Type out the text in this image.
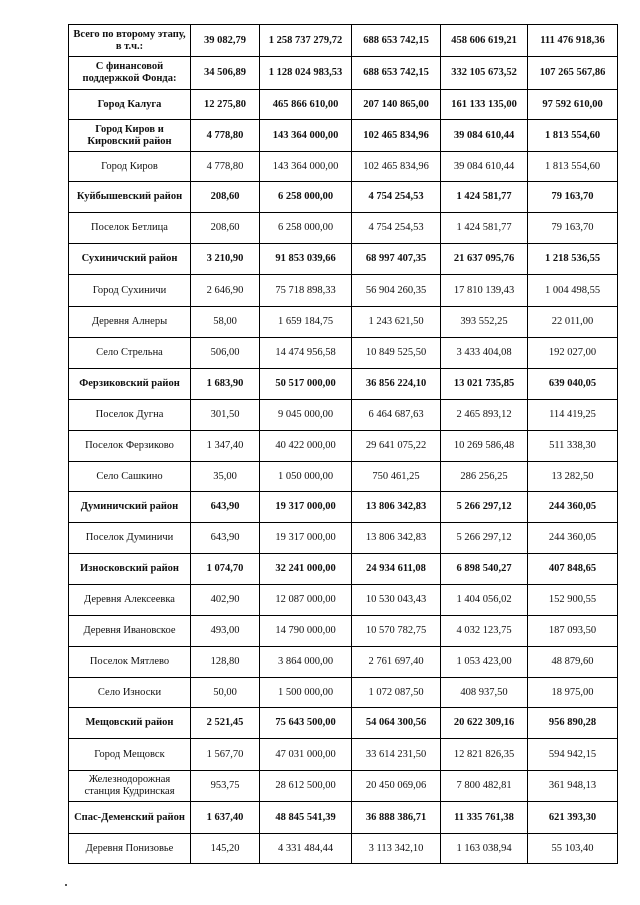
Всего по второму этапу, в т.ч.:	39 082,79	1 258 737 279,72	688 653 742,15	458 606 619,21	111 476 918,36
С финансовой поддержкой Фонда:	34 506,89	1 128 024 983,53	688 653 742,15	332 105 673,52	107 265 567,86
Город Калуга	12 275,80	465 866 610,00	207 140 865,00	161 133 135,00	97 592 610,00
Город Киров и Кировский район	4 778,80	143 364 000,00	102 465 834,96	39 084 610,44	1 813 554,60
Город Киров	4 778,80	143 364 000,00	102 465 834,96	39 084 610,44	1 813 554,60
Куйбышевский район	208,60	6 258 000,00	4 754 254,53	1 424 581,77	79 163,70
Поселок Бетлица	208,60	6 258 000,00	4 754 254,53	1 424 581,77	79 163,70
Сухиничский район	3 210,90	91 853 039,66	68 997 407,35	21 637 095,76	1 218 536,55
Город Сухиничи	2 646,90	75 718 898,33	56 904 260,35	17 810 139,43	1 004 498,55
Деревня Алнеры	58,00	1 659 184,75	1 243 621,50	393 552,25	22 011,00
Село Стрельна	506,00	14 474 956,58	10 849 525,50	3 433 404,08	192 027,00
Ферзиковский район	1 683,90	50 517 000,00	36 856 224,10	13 021 735,85	639 040,05
Поселок Дугна	301,50	9 045 000,00	6 464 687,63	2 465 893,12	114 419,25
Поселок Ферзиково	1 347,40	40 422 000,00	29 641 075,22	10 269 586,48	511 338,30
Село Сашкино	35,00	1 050 000,00	750 461,25	286 256,25	13 282,50
Думиничский район	643,90	19 317 000,00	13 806 342,83	5 266 297,12	244 360,05
Поселок Думиничи	643,90	19 317 000,00	13 806 342,83	5 266 297,12	244 360,05
Износковский район	1 074,70	32 241 000,00	24 934 611,08	6 898 540,27	407 848,65
Деревня Алексеевка	402,90	12 087 000,00	10 530 043,43	1 404 056,02	152 900,55
Деревня Ивановское	493,00	14 790 000,00	10 570 782,75	4 032 123,75	187 093,50
Поселок Мятлево	128,80	3 864 000,00	2 761 697,40	1 053 423,00	48 879,60
Село Износки	50,00	1 500 000,00	1 072 087,50	408 937,50	18 975,00
Мещовский район	2 521,45	75 643 500,00	54 064 300,56	20 622 309,16	956 890,28
Город Мещовск	1 567,70	47 031 000,00	33 614 231,50	12 821 826,35	594 942,15
Железнодорожная станция Кудринская	953,75	28 612 500,00	20 450 069,06	7 800 482,81	361 948,13
Спас-Деменский район	1 637,40	48 845 541,39	36 888 386,71	11 335 761,38	621 393,30
Деревня Понизовье	145,20	4 331 484,44	3 113 342,10	1 163 038,94	55 103,40
